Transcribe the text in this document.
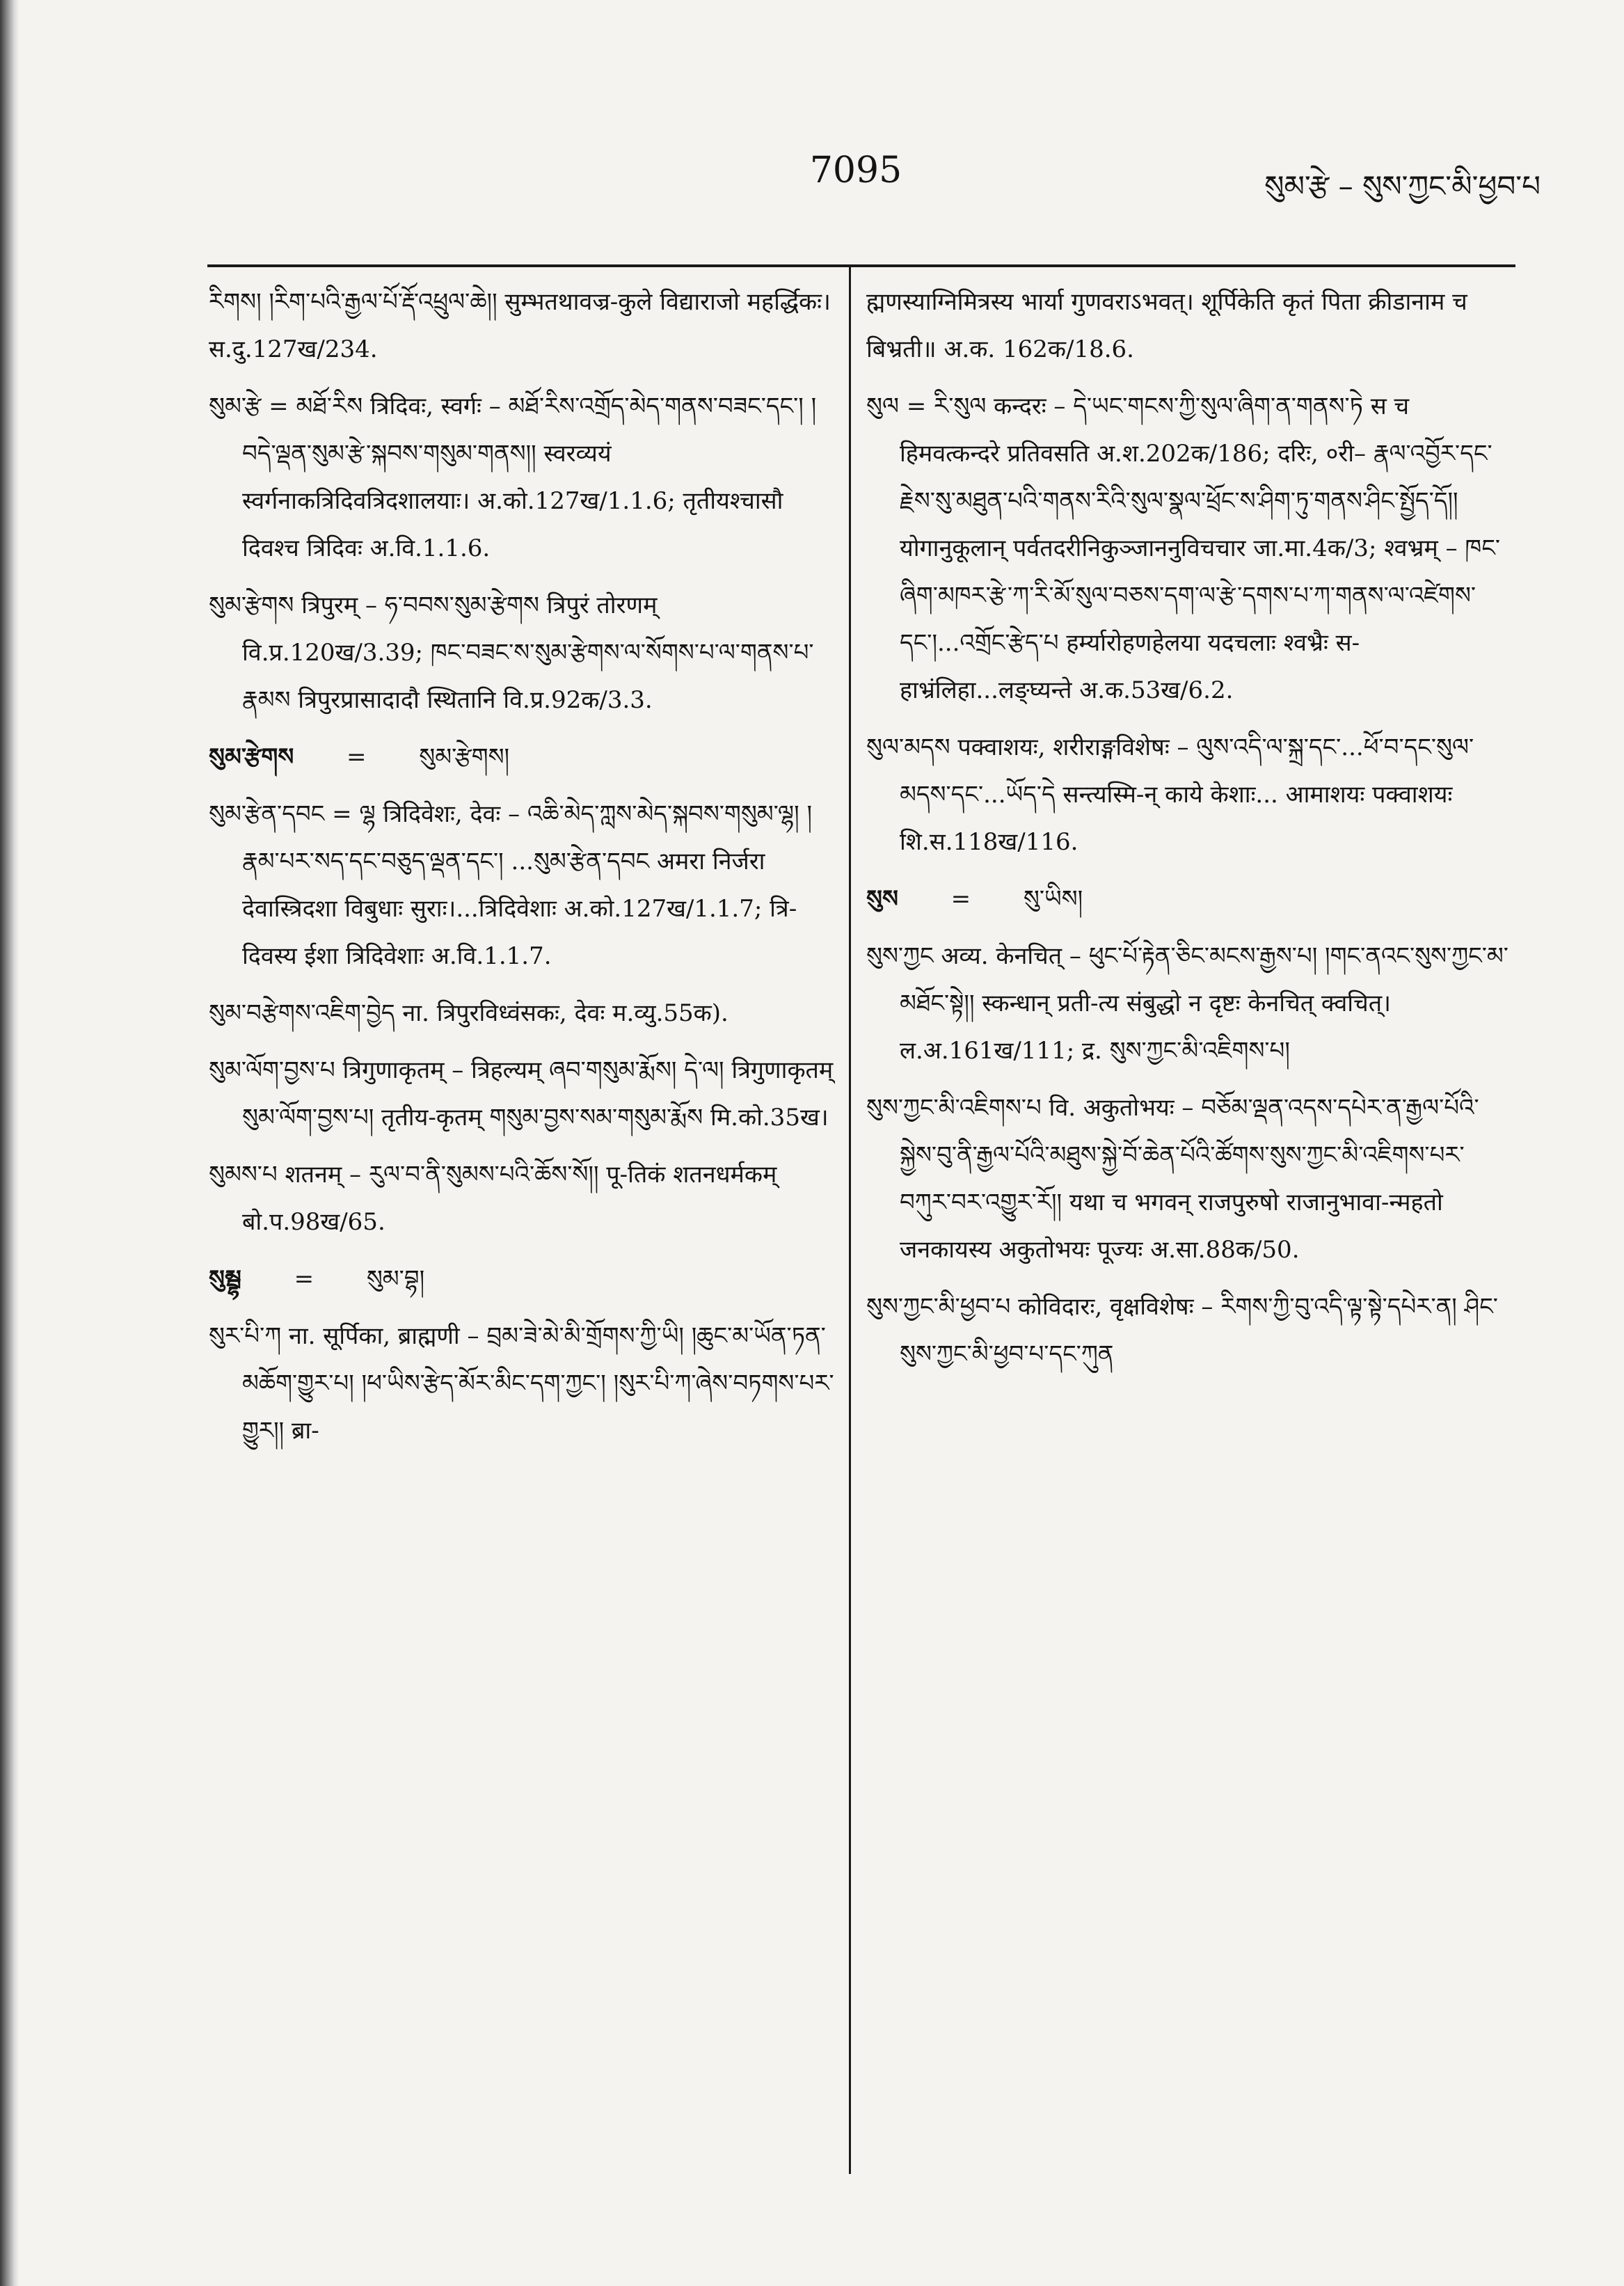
7095	སུམ་རྩེ – སུས་ཀྱང་མི་ཕྱབ་པ
རིགས། །རིག་པའི་རྒྱལ་པོ་རྡོ་འཕྲུལ་ཆེ།། सुम्भतथावज्र-कुले विद्याराजो महर्द्धिकः। स.दु.127ख/234.
སུམ་རྩེ = མཐོ་རིས त्रिदिवः, स्वर्गः – མཐོ་རིས་འགྲོད་མེད་གནས་བཟང་དང་། །བདེ་ལྡན་སུམ་རྩེ་སྐབས་གསུམ་གནས།། स्वरव्ययं स्वर्गनाकत्रिदिवत्रिदशालयाः। अ.को.127ख/1.1.6; तृतीयश्चासौ दिवश्च त्रिदिवः अ.वि.1.1.6.
སུམ་རྩེགས त्रिपुरम् – ཧ་བབས་སུམ་རྩེགས त्रिपुरं तोरणम् वि.प्र.120ख/3.39; ཁང་བཟང་ས་སུམ་རྩེགས་ལ་སོགས་པ་ལ་གནས་པ་རྣམས त्रिपुरप्रासादादौ स्थितानि वि.प्र.92क/3.3.
སུམ་རྩེགས = སུམ་རྩེགས།
སུམ་རྩེན་དབང = ལྷ त्रिदिवेशः, देवः – འཆི་མེད་ཀླས་མེད་སྐབས་གསུམ་ལྷ། །རྣམ་པར་སད་དང་བཅུད་ལྡན་དང་། ...སུམ་རྩེན་དབང अमरा निर्जरा देवास्त्रिदशा विबुधाः सुराः।...त्रिदिवेशाः अ.को.127ख/1.1.7; त्रि-दिवस्य ईशा त्रिदिवेशाः अ.वि.1.1.7.
སུམ་བརྩེགས་འཇིག་བྱེད ना. त्रिपुरविध्वंसकः, देवः म.व्यु.55क).
སུམ་ལོག་བྱས་པ त्रिगुणाकृतम् – त्रिहल्यम् ཞབ་གསུམ་རྨོས། དེ་ལ། त्रिगुणाकृतम् སུམ་ལོག་བྱས་པ། तृतीय-कृतम् གསུམ་བྱས་སམ་གསུམ་རྨོས मि.को.35ख।
སུམས་པ शतनम् – རུལ་བ་ནི་སུམས་པའི་ཆོས་སོ།། पू-तिकं शतनधर्मकम् बो.प.98ख/65.
སུམྦྷ = སུམ་བྷ།
སུར་པི་ཀ ना. सूर्पिका, ब्राह्मणी – བྲམ་ཟེ་མེ་མི་གྲོགས་ཀྱི་ཡི། །ཆུང་མ་ཡོན་ཏན་མཆོག་གྱུར་པ། །ཕ་ཡིས་རྩེད་མོར་མིང་དག་ཀྱང་། །སུར་པི་ཀ་ཞེས་བཏགས་པར་གྱུར།། ब्रा-
ह्मणस्याग्निमित्रस्य भार्या गुणवराऽभवत्। शूर्पिकेति कृतं पिता क्रीडानाम च बिभ्रती॥ अ.क. 162क/18.6.
སུལ = རི་སུལ कन्दरः – དེ་ཡང་གངས་ཀྱི་སུལ་ཞིག་ན་གནས་ཏེ स च हिमवत्कन्दरे प्रतिवसति अ.श.202क/186; दरिः, ०री– རྣལ་འབྱོར་དང་རྗེས་སུ་མཐུན་པའི་གནས་རིའི་སུལ་སྣལ་ཕྲོང་ས་ཤིག་ཏུ་གནས་ཤིང་སྤྱོད་དོ།། योगानुकूलान् पर्वतदरीनिकुञ्जाननुविचचार जा.मा.4क/3; श्वभ्रम् – ཁང་ཞིག་མཁར་རྩེ་ཀ་རི་མོ་སུལ་བཅས་དག་ལ་རྩེ་དགས་པ་ཀ་གནས་ལ་འཛེགས་དང་།...འགྲོང་རྩེད་པ हर्म्यारोहणहेलया यदचलाः श्वभ्रैः स-हाभ्रंलिहा...लङ्घ्यन्ते अ.क.53ख/6.2.
སུལ་མདས पक्वाशयः, शरीराङ्गविशेषः – ལུས་འདི་ལ་སྐྲ་དང་...ཕོ་བ་དང་སུལ་མདས་དང་...ཡོད་དེ सन्त्यस्मि-न् काये केशाः... आमाशयः पक्वाशयः शि.स.118ख/116.
སུས = སུ་ཡིས།
སུས་ཀྱང अव्य. केनचित् – ཕུང་པོ་རྟེན་ཅིང་མངས་རྒྱས་པ། །གང་ནའང་སུས་ཀྱང་མ་མཐོང་སྟེ།། स्कन्धान् प्रती-त्य संबुद्धो न दृष्टः केनचित् क्वचित्। ल.अ.161ख/111; द्र. སུས་ཀྱང་མི་འཇིགས་པ།
སུས་ཀྱང་མི་འཇིགས་པ वि. अकुतोभयः – བཅོམ་ལྡན་འདས་དཔེར་ན་རྒྱལ་པོའི་སྐྱེས་བུ་ནི་རྒྱལ་པོའི་མཐུས་སྐྱེ་བོ་ཆེན་པོའི་ཚོགས་སུས་ཀྱང་མི་འཇིགས་པར་བཀུར་བར་འགྱུར་རོ།། यथा च भगवन् राजपुरुषो राजानुभावा-न्महतो जनकायस्य अकुतोभयः पूज्यः अ.सा.88क/50.
སུས་ཀྱང་མི་ཕྱབ་པ कोविदारः, वृक्षविशेषः – རིགས་ཀྱི་བུ་འདི་ལྟ་སྟེ་དཔེར་ན། ཤིང་སུས་ཀྱང་མི་ཕྱབ་པ་དང་ཀུན
